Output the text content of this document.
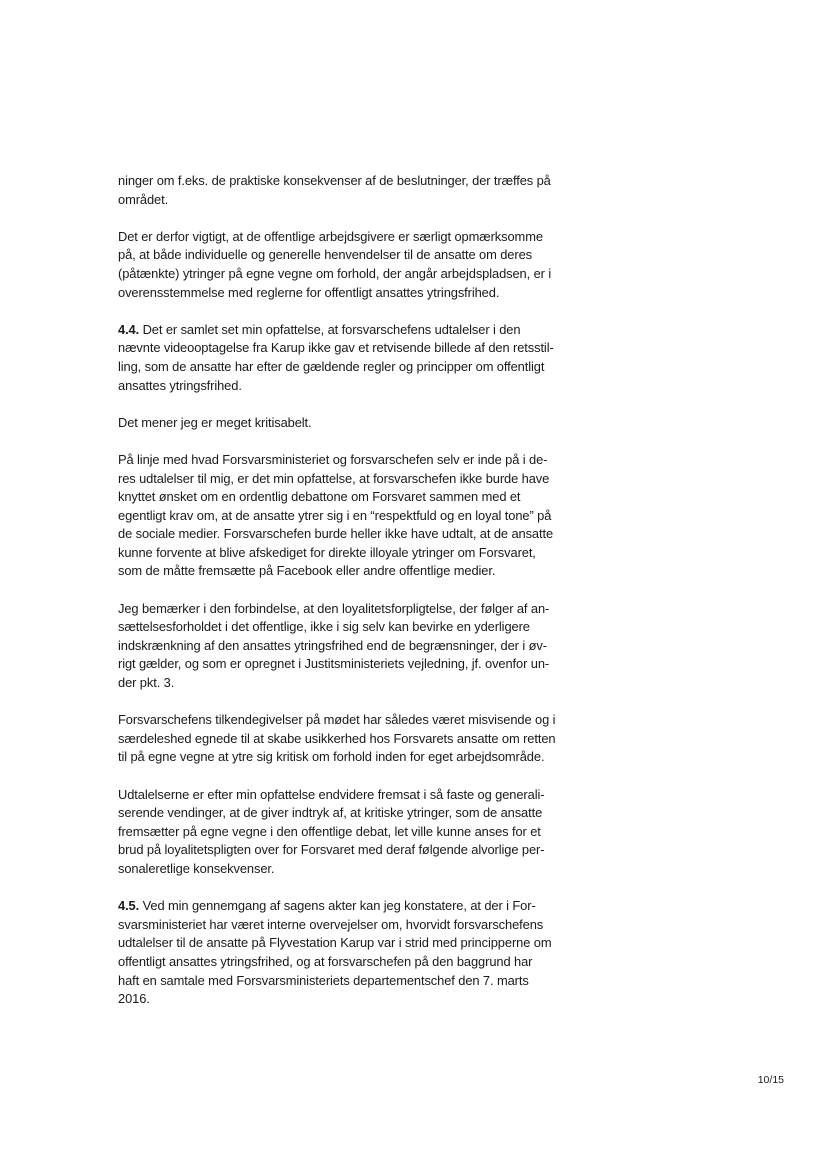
ninger om f.eks. de praktiske konsekvenser af de beslutninger, der træffes på
området.

Det er derfor vigtigt, at de offentlige arbejdsgivere er særligt opmærksomme
på, at både individuelle og generelle henvendelser til de ansatte om deres
(påtænkte) ytringer på egne vegne om forhold, der angår arbejdspladsen, er i
overensstemmelse med reglerne for offentligt ansattes ytringsfrihed.

4.4. Det er samlet set min opfattelse, at forsvarschefens udtalelser i den
nævnte videooptagelse fra Karup ikke gav et retvisende billede af den retsstil-
ling, som de ansatte har efter de gældende regler og principper om offentligt
ansattes ytringsfrihed.

Det mener jeg er meget kritisabelt.

På linje med hvad Forsvarsministeriet og forsvarschefen selv er inde på i de-
res udtalelser til mig, er det min opfattelse, at forsvarschefen ikke burde have
knyttet ønsket om en ordentlig debattone om Forsvaret sammen med et
egentligt krav om, at de ansatte ytrer sig i en “respektfuld og en loyal tone” på
de sociale medier. Forsvarschefen burde heller ikke have udtalt, at de ansatte
kunne forvente at blive afskediget for direkte illoyale ytringer om Forsvaret,
som de måtte fremsætte på Facebook eller andre offentlige medier.

Jeg bemærker i den forbindelse, at den loyalitetsforpligtelse, der følger af an-
sættelsesforholdet i det offentlige, ikke i sig selv kan bevirke en yderligere
indskrænkning af den ansattes ytringsfrihed end de begrænsninger, der i øv-
rigt gælder, og som er opregnet i Justitsministeriets vejledning, jf. ovenfor un-
der pkt. 3.

Forsvarschefens tilkendegivelser på mødet har således været misvisende og i
særdeleshed egnede til at skabe usikkerhed hos Forsvarets ansatte om retten
til på egne vegne at ytre sig kritisk om forhold inden for eget arbejdsområde.

Udtalelserne er efter min opfattelse endvidere fremsat i så faste og generali-
serende vendinger, at de giver indtryk af, at kritiske ytringer, som de ansatte
fremsætter på egne vegne i den offentlige debat, let ville kunne anses for et
brud på loyalitetspligten over for Forsvaret med deraf følgende alvorlige per-
sonaleretlige konsekvenser.

4.5. Ved min gennemgang af sagens akter kan jeg konstatere, at der i For-
svarsministeriet har været interne overvejelser om, hvorvidt forsvarschefens
udtalelser til de ansatte på Flyvestation Karup var i strid med principperne om
offentligt ansattes ytringsfrihed, og at forsvarschefen på den baggrund har
haft en samtale med Forsvarsministeriets departementschef den 7. marts
2016.

10/15
